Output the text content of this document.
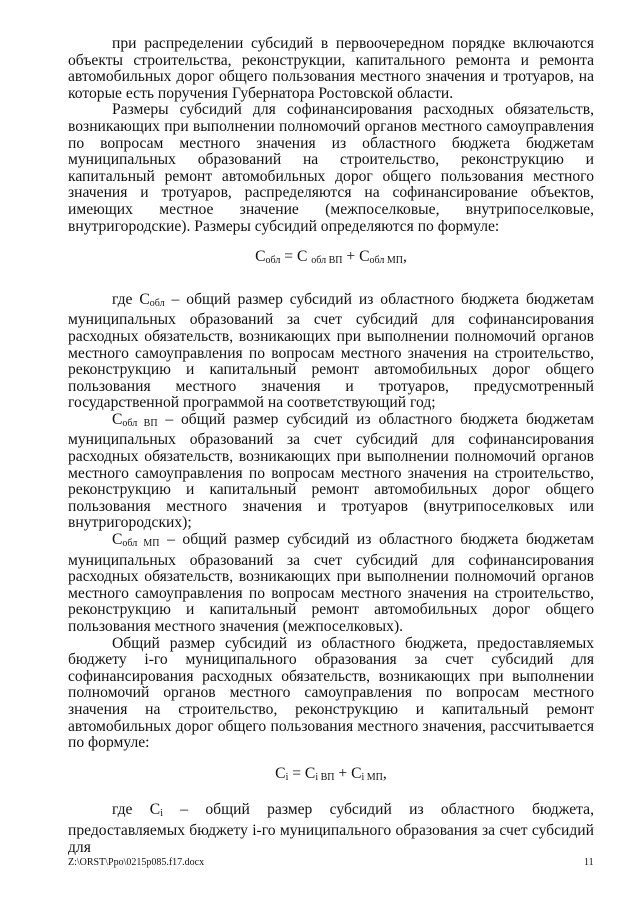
при распределении субсидий в первоочередном порядке включаются объекты строительства, реконструкции, капитального ремонта и ремонта автомобильных дорог общего пользования местного значения и тротуаров, на которые есть поручения Губернатора Ростовской области.

Размеры субсидий для софинансирования расходных обязательств, возникающих при выполнении полномочий органов местного самоуправления по вопросам местного значения из областного бюджета бюджетам муниципальных образований на строительство, реконструкцию и капитальный ремонт автомобильных дорог общего пользования местного значения и тротуаров, распределяются на софинансирование объектов, имеющих местное значение (межпоселковые, внутрипоселковые, внутригородские). Размеры субсидий определяются по формуле:

$С_{обл} = С$ $_{обл ВП} + С_{обл МП}$,

где $С_{обл}$ – общий размер субсидий из областного бюджета бюджетам муниципальных образований за счет субсидий для софинансирования расходных обязательств, возникающих при выполнении полномочий органов местного самоуправления по вопросам местного значения на строительство, реконструкцию и капитальный ремонт автомобильных дорог общего пользования местного значения и тротуаров, предусмотренный государственной программой на соответствующий год;

$С_{обл ВП}$ – общий размер субсидий из областного бюджета бюджетам муниципальных образований за счет субсидий для софинансирования расходных обязательств, возникающих при выполнении полномочий органов местного самоуправления по вопросам местного значения на строительство, реконструкцию и капитальный ремонт автомобильных дорог общего пользования местного значения и тротуаров (внутрипоселковых или внутригородских);

$С_{обл МП}$ – общий размер субсидий из областного бюджета бюджетам муниципальных образований за счет субсидий для софинансирования расходных обязательств, возникающих при выполнении полномочий органов местного самоуправления по вопросам местного значения на строительство, реконструкцию и капитальный ремонт автомобильных дорог общего пользования местного значения (межпоселковых).

Общий размер субсидий из областного бюджета, предоставляемых бюджету i-го муниципального образования за счет субсидий для софинансирования расходных обязательств, возникающих при выполнении полномочий органов местного самоуправления по вопросам местного значения на строительство, реконструкцию и капитальный ремонт автомобильных дорог общего пользования местного значения, рассчитывается по формуле:

$С_i = С_{i ВП} + С_{i МП}$,

где $С_i$ – общий размер субсидий из областного бюджета, предоставляемых бюджету i-го муниципального образования за счет субсидий для

Z:\ORST\Ppo\0215p085.f17.docx	11
